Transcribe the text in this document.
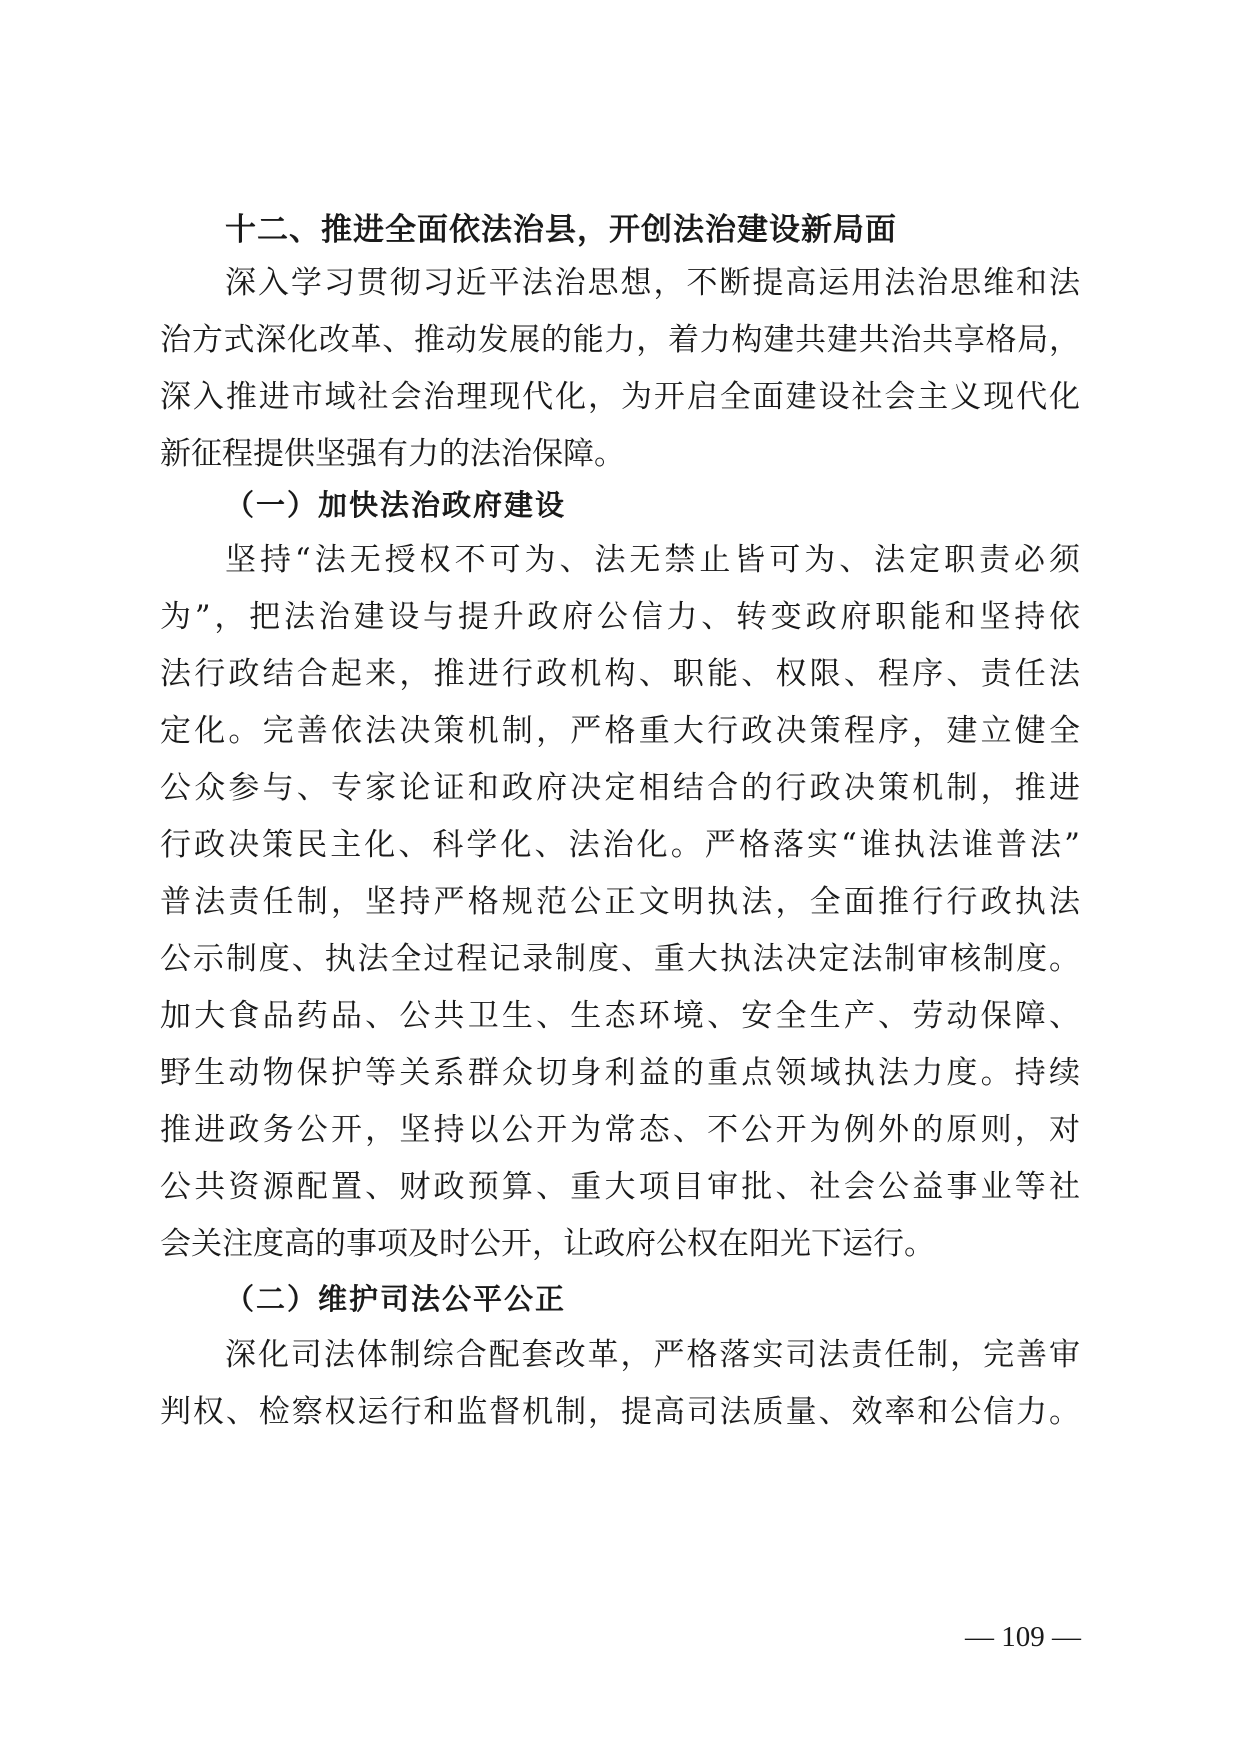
十二、推进全面依法治县，开创法治建设新局面

深入学习贯彻习近平法治思想，不断提高运用法治思维和法

治方式深化改革、推动发展的能力，着力构建共建共治共享格局，

深入推进市域社会治理现代化，为开启全面建设社会主义现代化

新征程提供坚强有力的法治保障。

（一）加快法治政府建设

坚持“法无授权不可为、法无禁止皆可为、法定职责必须

为”，把法治建设与提升政府公信力、转变政府职能和坚持依

法行政结合起来，推进行政机构、职能、权限、程序、责任法

定化。完善依法决策机制，严格重大行政决策程序，建立健全

公众参与、专家论证和政府决定相结合的行政决策机制，推进

行政决策民主化、科学化、法治化。严格落实“谁执法谁普法”

普法责任制，坚持严格规范公正文明执法，全面推行行政执法

公示制度、执法全过程记录制度、重大执法决定法制审核制度。

加大食品药品、公共卫生、生态环境、安全生产、劳动保障、

野生动物保护等关系群众切身利益的重点领域执法力度。持续

推进政务公开，坚持以公开为常态、不公开为例外的原则，对

公共资源配置、财政预算、重大项目审批、社会公益事业等社

会关注度高的事项及时公开，让政府公权在阳光下运行。

（二）维护司法公平公正

深化司法体制综合配套改革，严格落实司法责任制，完善审

判权、检察权运行和监督机制，提高司法质量、效率和公信力。

— 109 —
